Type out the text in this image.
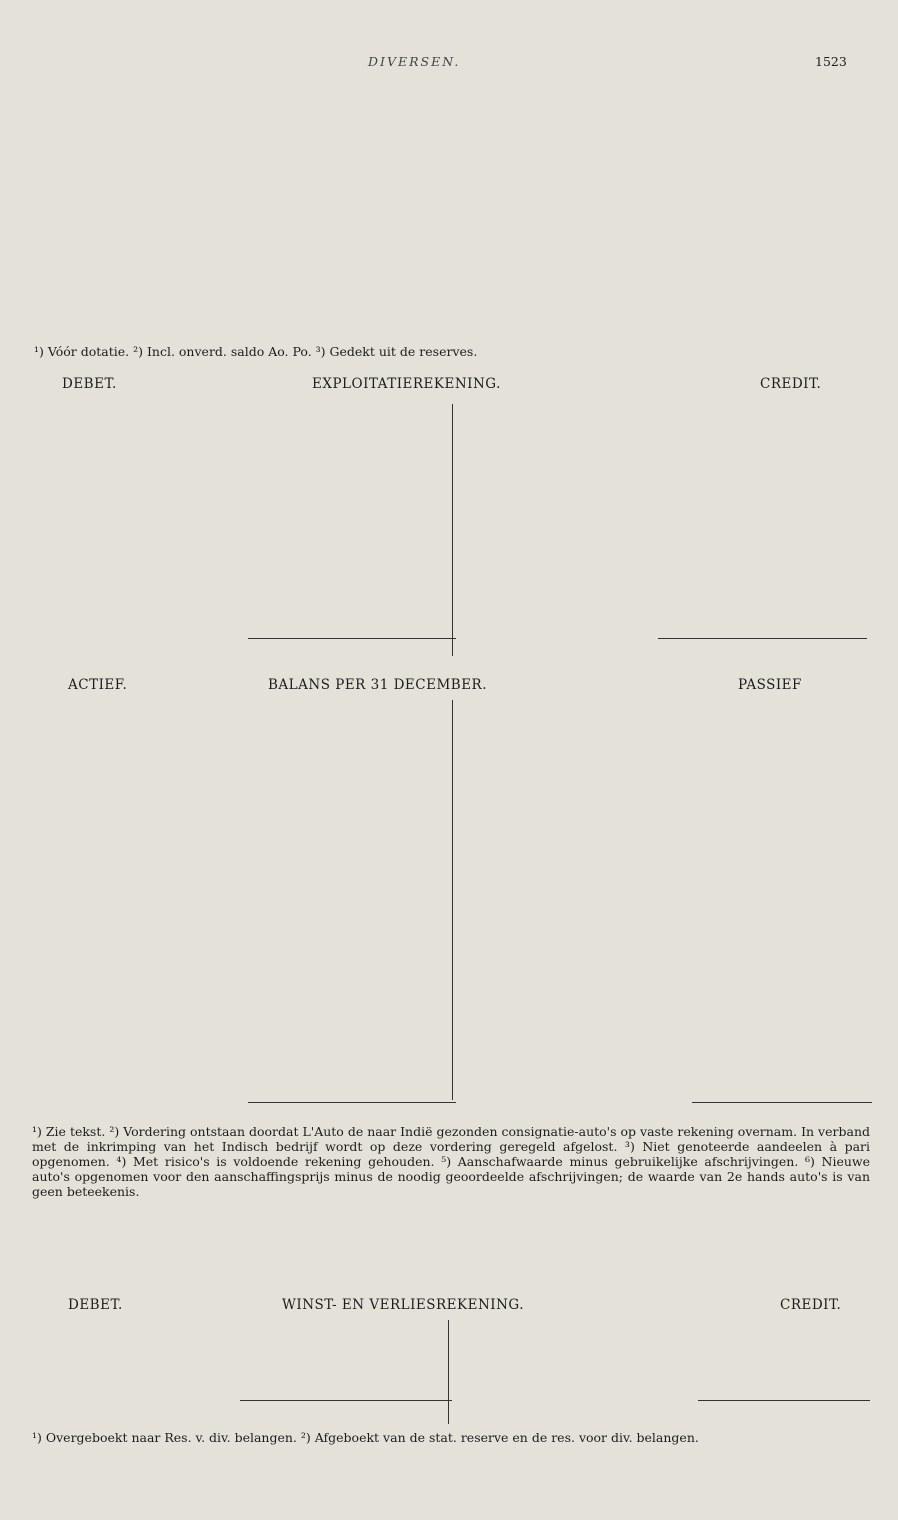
DIVERSEN.	1523
¹) Vóór dotatie. ²) Incl. onverd. saldo Ao. Po. ³) Gedekt uit de reserves.
DEBET.	EXPLOITATIEREKENING.	CREDIT.
ACTIEF.	BALANS PER 31 DECEMBER.	PASSIEF
¹) Zie tekst. ²) Vordering ontstaan doordat L'Auto de naar Indië gezonden consignatie-auto's op vaste rekening overnam. In verband met de inkrimping van het Indisch bedrijf wordt op deze vordering geregeld afgelost. ³) Niet genoteerde aandeelen à pari opgenomen. ⁴) Met risico's is voldoende rekening gehouden. ⁵) Aanschafwaarde minus gebruikelijke afschrijvingen. ⁶) Nieuwe auto's opgenomen voor den aanschaffingsprijs minus de noodig geoordeelde afschrijvingen; de waarde van 2e hands auto's is van geen beteekenis.
DEBET.	WINST- EN VERLIESREKENING.	CREDIT.
¹) Overgeboekt naar Res. v. div. belangen. ²) Afgeboekt van de stat. reserve en de res. voor div. belangen.
